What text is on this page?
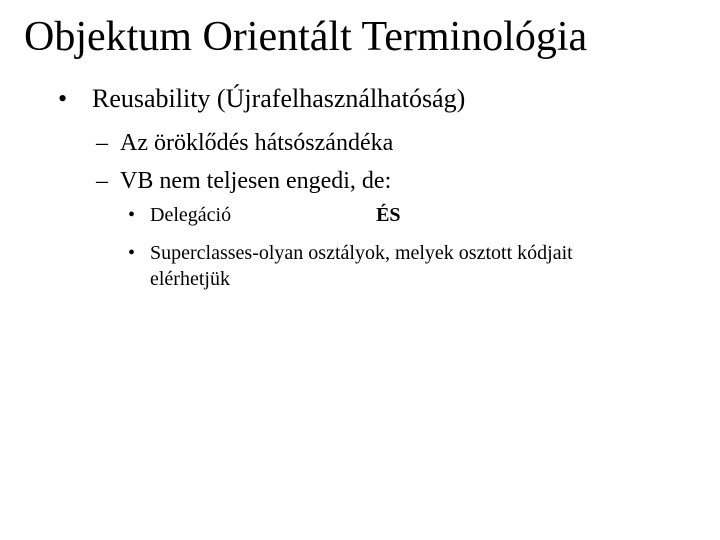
Objektum Orientált Terminológia
• Reusability (Újrafelhasználhatóság)
– Az öröklődés hátsószándéka
– VB nem teljesen engedi, de:
• Delegáció	ÉS
• Superclasses-olyan osztályok, melyek osztott kódjait
elérhetjük
